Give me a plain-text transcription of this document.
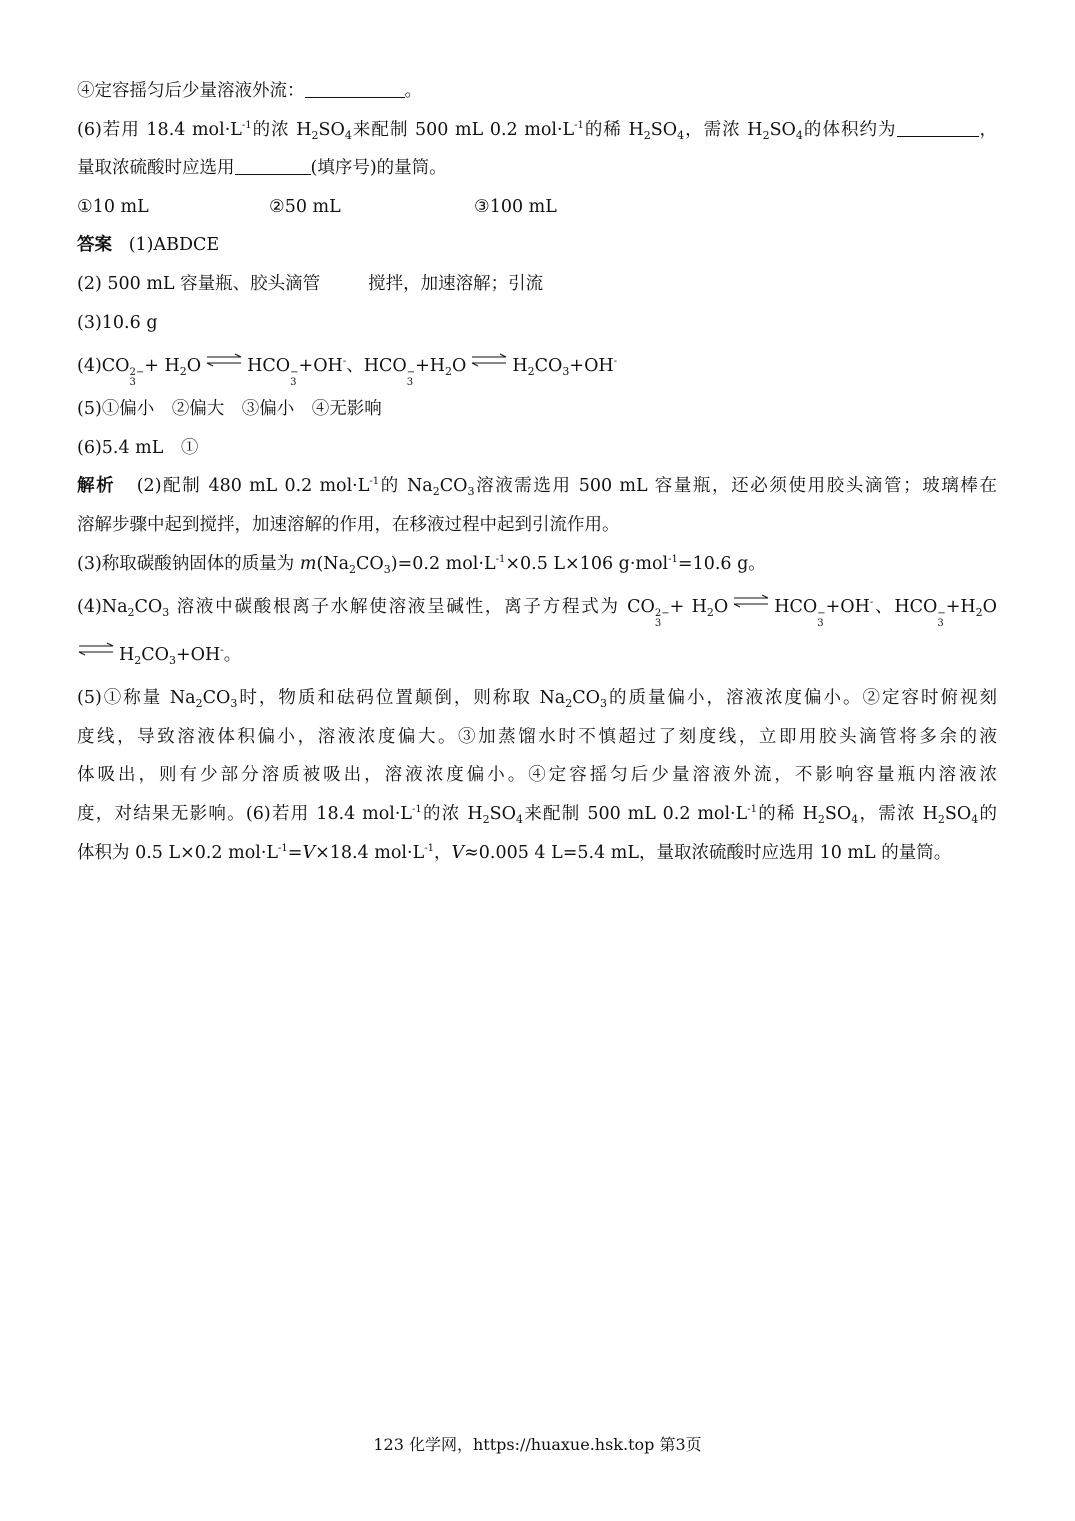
④定容摇匀后少量溶液外流：	。
(6)若用 18.4 $mol\cdot L^{-1}$的浓 $H_2SO_4$来配制 500 mL 0.2 $mol\cdot L^{-1}$的稀 $H_2SO_4$，需浓 $H_2SO_4$的体积约为	，
量取浓硫酸时应选用	(填序号)的量筒。
①10 mL	②50 mL	③100 mL
答案 (1)ABDCE
(2) 500 mL 容量瓶、胶头滴管	搅拌，加速溶解；引流
(3)10.6 g
(4)CO 2−
3
+ $H_2O$ ⇌ HCO −
3
+OH-、HCO −
3
$+H_2O$ ⇌ $H_2CO_3+OH^-$
(5)①偏小　②偏大　③偏小　④无影响
(6)5.4 mL　①
解析 (2)配制 480 mL 0.2 $mol\cdot L^{-1}$的 $Na_2CO_3$溶液需选用 500 mL 容量瓶，还必须使用胶头滴管；玻璃棒在
溶解步骤中起到搅拌，加速溶解的作用，在移液过程中起到引流作用。
(3)称取碳酸钠固体的质量为 $m(Na_2CO_3)=0.2$ $mol\cdot L^{-1}\times 0.5$ L×106 g·mol$^{-1}$=10.6 g。
$(4)Na_2CO_3$ 溶液中碳酸根离子水解使溶液呈碱性，离子方程式为 CO 2−
3
+ $H_2O$ ⇌ HCO −
3
+OH-、HCO −
3
$+H_2O$
⇌ $H_2CO_3+OH^-$。
(5)①称量 $Na_2CO_3$时，物质和砝码位置颠倒，则称取 $Na_2CO_3$的质量偏小，溶液浓度偏小。②定容时俯视刻
度线，导致溶液体积偏小，溶液浓度偏大。③加蒸馏水时不慎超过了刻度线，立即用胶头滴管将多余的液
体吸出，则有少部分溶质被吸出，溶液浓度偏小。④定容摇匀后少量溶液外流，不影响容量瓶内溶液浓
度，对结果无影响。(6)若用 18.4 $mol\cdot L^{-1}$的浓 $H_2SO_4$来配制 500 mL 0.2 $mol\cdot L^{-1}$的稀 $H_2SO_4$，需浓 $H_2SO_4$的
体积为 0.5 L×0.2 $mol\cdot L^{-1}=V\times 18.4$ $mol\cdot L^{-1}$，V≈0.005 4 L=5.4 mL，量取浓硫酸时应选用 10 mL 的量筒。
123 化学网，https://huaxue.hsk.top 第3页
